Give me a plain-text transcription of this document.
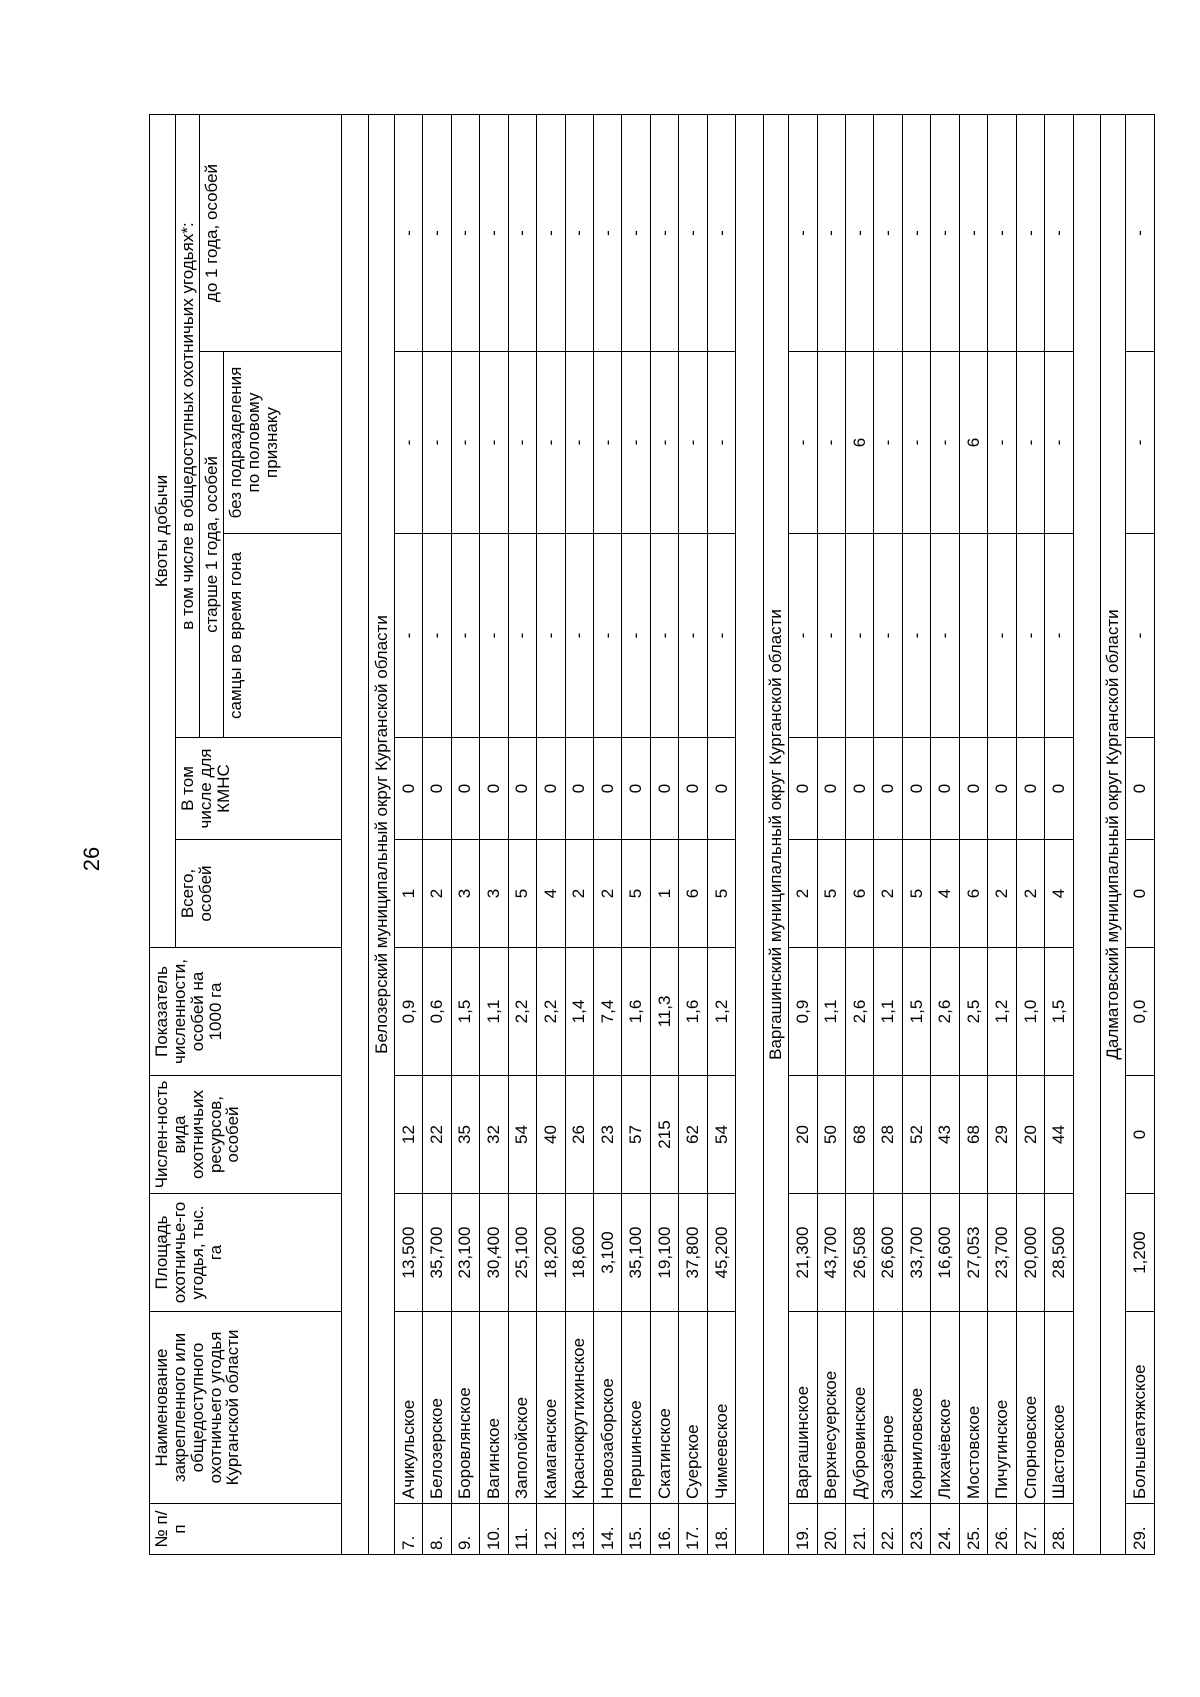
26
№ п/п	Наименование закрепленного или общедоступного охотничьего угодья Курганской области	Площадь охотничье-го угодья, тыс. га	Числен-ность вида охотничьих ресурсов, особей	Показатель численности, особей на 1000 га	Квоты добычи				
					Всего, особей	В том числе для КМНС	в том числе в общедоступных охотничьих угодьях*:		
							старше 1 года, особей		до 1 года, особей
							самцы во время гона	без подразделения по половому признаку	

Белозерский муниципальный округ Курганской области									
7.	Ачикульское	13,500	12	0,9	1	0	-	-	-
8.	Белозерское	35,700	22	0,6	2	0	-	-	-
9.	Боровлянское	23,100	35	1,5	3	0	-	-	-
10.	Вагинское	30,400	32	1,1	3	0	-	-	-
11.	Заполойское	25,100	54	2,2	5	0	-	-	-
12.	Камаганское	18,200	40	2,2	4	0	-	-	-
13.	Краснокрутихинское	18,600	26	1,4	2	0	-	-	-
14.	Новозаборское	3,100	23	7,4	2	0	-	-	-
15.	Першинское	35,100	57	1,6	5	0	-	-	-
16.	Скатинское	19,100	215	11,3	1	0	-	-	-
17.	Суерское	37,800	62	1,6	6	0	-	-	-
18.	Чимеевское	45,200	54	1,2	5	0	-	-	-

Варгашинский муниципальный округ Курганской области									
19.	Варгашинское	21,300	20	0,9	2	0	-	-	-
20.	Верхнесуерское	43,700	50	1,1	5	0	-	-	-
21.	Дубровинское	26,508	68	2,6	6	0	-	6	-
22.	Заозёрное	26,600	28	1,1	2	0	-	-	-
23.	Корниловское	33,700	52	1,5	5	0	-	-	-
24.	Лихачёвское	16,600	43	2,6	4	0	-	-	-
25.	Мостовское	27,053	68	2,5	6	0		6	-
26.	Пичугинское	23,700	29	1,2	2	0	-	-	-
27.	Спорновское	20,000	20	1,0	2	0	-	-	-
28.	Шастовское	28,500	44	1,5	4	0	-	-	-

Далматовский муниципальный округ Курганской области									
29.	Большеатяжское	1,200	0	0,0	0	0	-	-	-
